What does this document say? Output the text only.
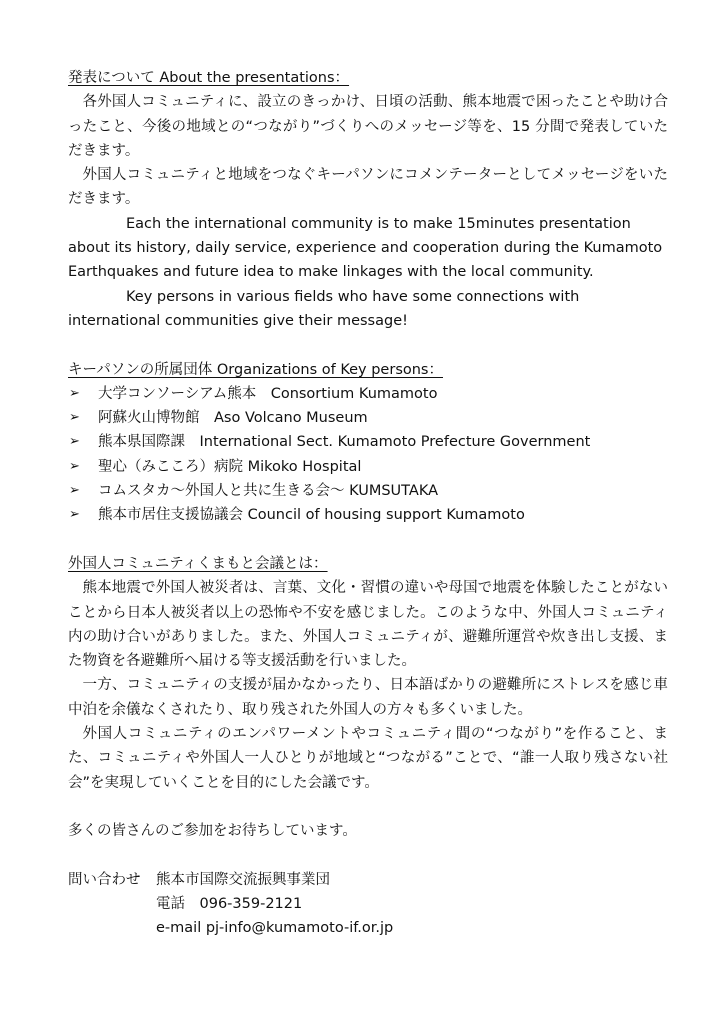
発表について About the presentations：

各外国人コミュニティに、設立のきっかけ、日頃の活動、熊本地震で困ったことや助け合ったこと、今後の地域との“つながり”づくりへのメッセージ等を、15 分間で発表していただきます。

外国人コミュニティと地域をつなぐキーパソンにコメンテーターとしてメッセージをいただきます。

Each the international community is to make 15minutes presentation about its history, daily service, experience and cooperation during the Kumamoto Earthquakes and future idea to make linkages with the local community.

Key persons in various fields who have some connections with international communities give their message!

キーパソンの所属団体 Organizations of Key persons：
➢ 大学コンソーシアム熊本　Consortium Kumamoto
➢ 阿蘇火山博物館　Aso Volcano Museum
➢ 熊本県国際課　International Sect. Kumamoto Prefecture Government
➢ 聖心（みこころ）病院 Mikoko Hospital
➢ コムスタカ～外国人と共に生きる会～ KUMSUTAKA
➢ 熊本市居住支援協議会 Council of housing support Kumamoto
外国人コミュニティくまもと会議とは：

熊本地震で外国人被災者は、言葉、文化・習慣の違いや母国で地震を体験したことがないことから日本人被災者以上の恐怖や不安を感じました。このような中、外国人コミュニティ内の助け合いがありました。また、外国人コミュニティが、避難所運営や炊き出し支援、また物資を各避難所へ届ける等支援活動を行いました。

一方、コミュニティの支援が届かなかったり、日本語ばかりの避難所にストレスを感じ車中泊を余儀なくされたり、取り残された外国人の方々も多くいました。

外国人コミュニティのエンパワーメントやコミュニティ間の“つながり”を作ること、また、コミュニティや外国人一人ひとりが地域と“つながる”ことで、“誰一人取り残さない社会”を実現していくことを目的にした会議です。

多くの皆さんのご参加をお待ちしています。
問い合わせ	熊本市国際交流振興事業団
電話　096-359-2121
e-mail pj-info@kumamoto-if.or.jp
